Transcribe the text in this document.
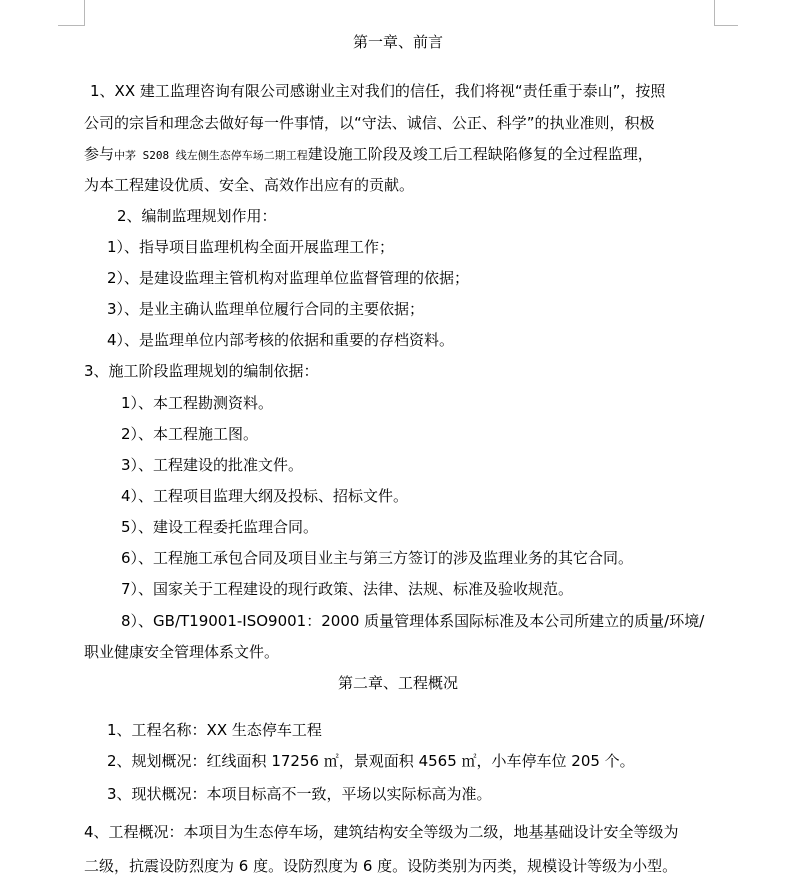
第一章、前言
1、XX 建工监理咨询有限公司感谢业主对我们的信任，我们将视“责任重于泰山”，按照
公司的宗旨和理念去做好每一件事情，以“守法、诚信、公正、科学”的执业准则，积极
参与中茅 S208 线左侧生态停车场二期工程建设施工阶段及竣工后工程缺陷修复的全过程监理，
为本工程建设优质、安全、高效作出应有的贡献。
2、编制监理规划作用：
1）、指导项目监理机构全面开展监理工作；
2）、是建设监理主管机构对监理单位监督管理的依据；
3）、是业主确认监理单位履行合同的主要依据；
4）、是监理单位内部考核的依据和重要的存档资料。
3、施工阶段监理规划的编制依据：
1）、本工程勘测资料。
2）、本工程施工图。
3）、工程建设的批准文件。
4）、工程项目监理大纲及投标、招标文件。
5）、建设工程委托监理合同。
6）、工程施工承包合同及项目业主与第三方签订的涉及监理业务的其它合同。
7）、国家关于工程建设的现行政策、法律、法规、标准及验收规范。
8）、GB/T19001-ISO9001：2000 质量管理体系国际标准及本公司所建立的质量/环境/
职业健康安全管理体系文件。
第二章、工程概况
1、工程名称：XX 生态停车工程
2、规划概况：红线面积 17256 ㎡，景观面积 4565 ㎡，小车停车位 205 个。
3、现状概况：本项目标高不一致，平场以实际标高为准。
4、工程概况：本项目为生态停车场，建筑结构安全等级为二级，地基基础设计安全等级为
二级，抗震设防烈度为 6 度。设防烈度为 6 度。设防类别为丙类，规模设计等级为小型。
